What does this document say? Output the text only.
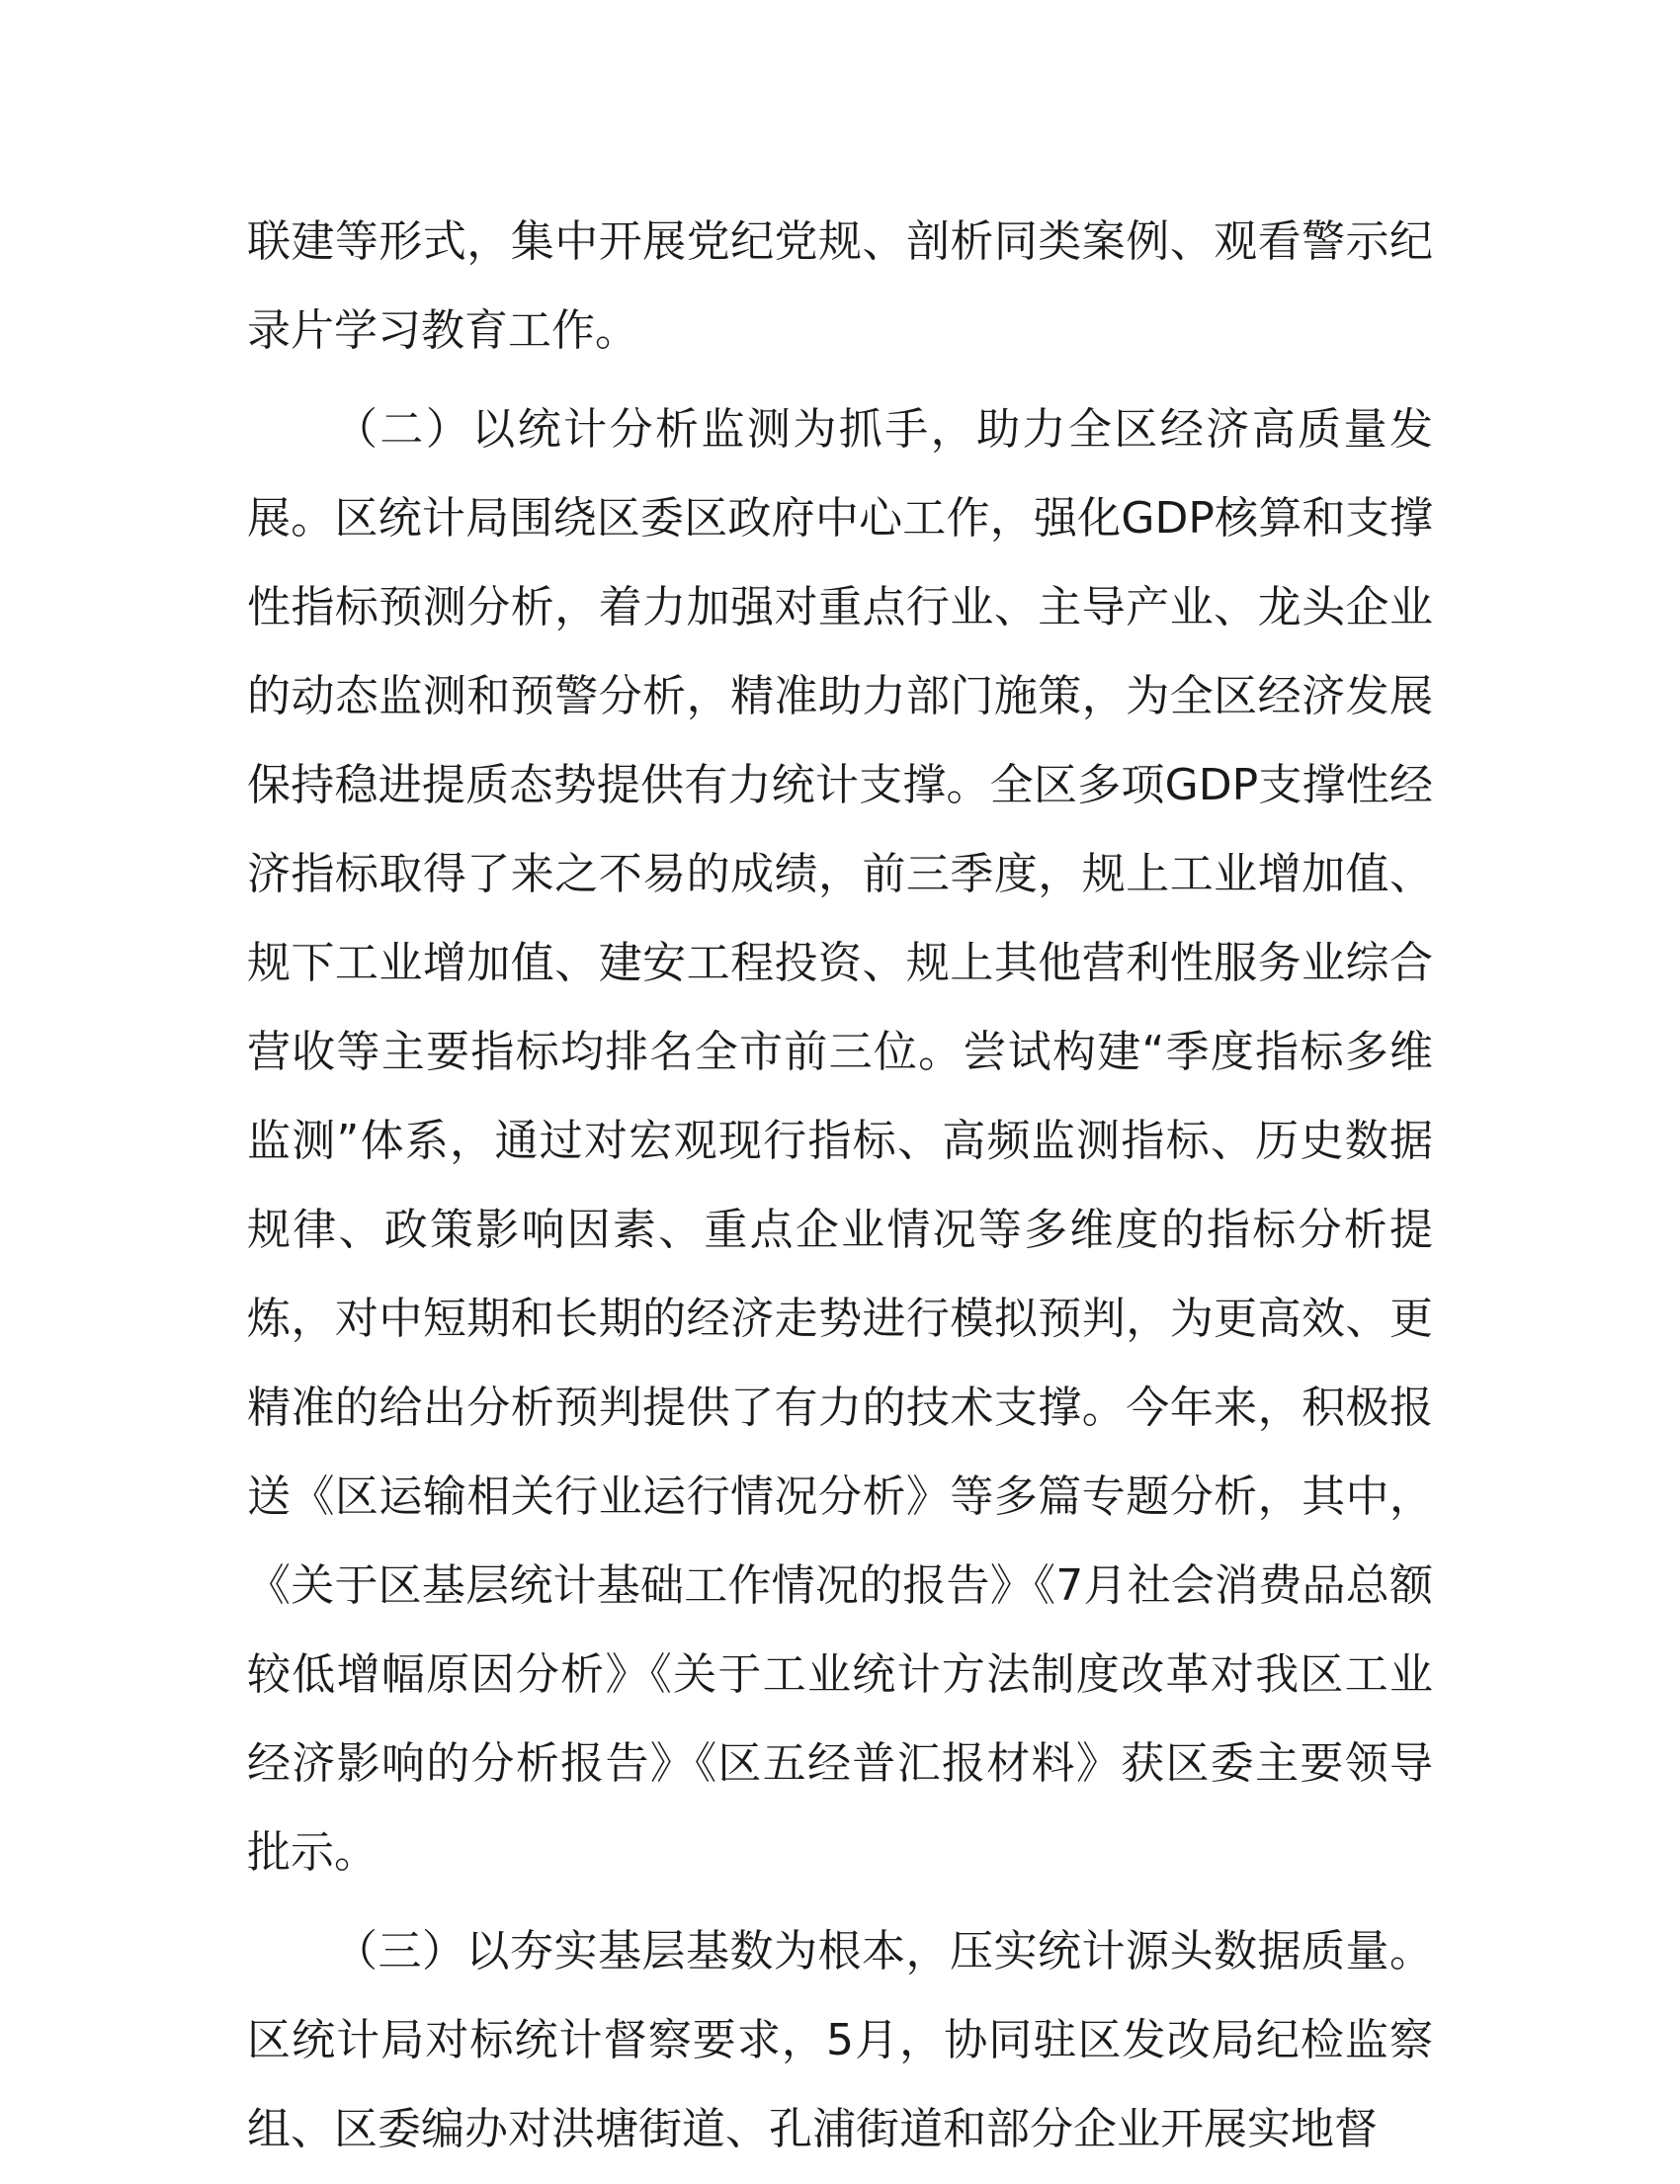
联建等形式，集中开展党纪党规、剖析同类案例、观看警示纪录片学习教育工作。

（二）以统计分析监测为抓手，助力全区经济高质量发展。区统计局围绕区委区政府中心工作，强化GDP核算和支撑性指标预测分析，着力加强对重点行业、主导产业、龙头企业的动态监测和预警分析，精准助力部门施策，为全区经济发展保持稳进提质态势提供有力统计支撑。全区多项GDP支撑性经济指标取得了来之不易的成绩，前三季度，规上工业增加值、规下工业增加值、建安工程投资、规上其他营利性服务业综合营收等主要指标均排名全市前三位。尝试构建“季度指标多维监测”体系，通过对宏观现行指标、高频监测指标、历史数据规律、政策影响因素、重点企业情况等多维度的指标分析提炼，对中短期和长期的经济走势进行模拟预判，为更高效、更精准的给出分析预判提供了有力的技术支撑。今年来，积极报送《区运输相关行业运行情况分析》等多篇专题分析，其中，《关于区基层统计基础工作情况的报告》《7月社会消费品总额较低增幅原因分析》《关于工业统计方法制度改革对我区工业经济影响的分析报告》《区五经普汇报材料》获区委主要领导批示。

（三）以夯实基层基数为根本，压实统计源头数据质量。区统计局对标统计督察要求，5月，协同驻区发改局纪检监察组、区委编办对洪塘街道、孔浦街道和部分企业开展实地督
